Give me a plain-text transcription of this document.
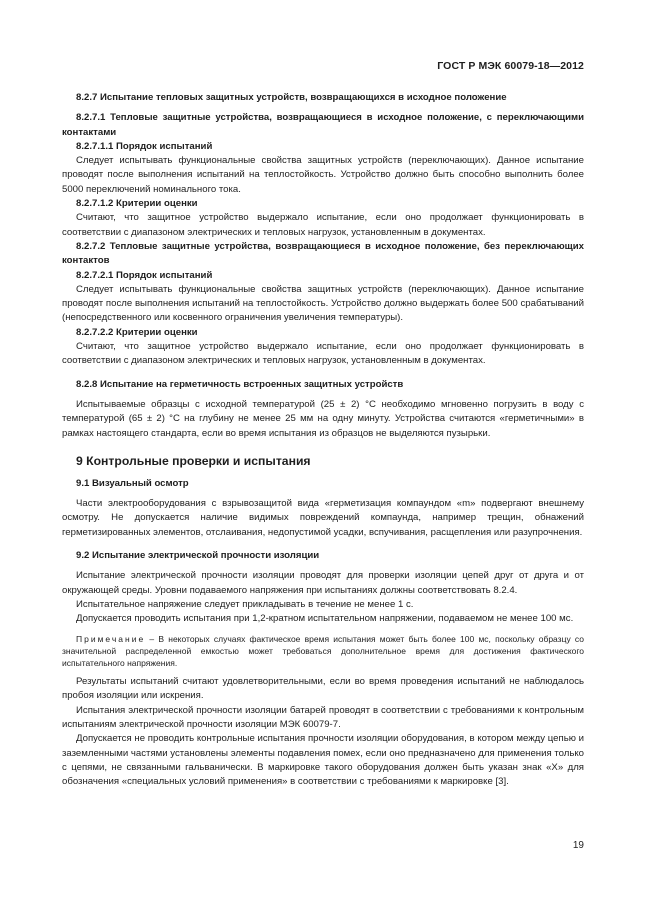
ГОСТ Р МЭК 60079-18—2012

8.2.7 Испытание тепловых защитных устройств, возвращающихся в исходное положение

8.2.7.1 Тепловые защитные устройства, возвращающиеся в исходное положение, с переключающими контактами

8.2.7.1.1 Порядок испытаний

Следует испытывать функциональные свойства защитных устройств (переключающих). Данное испытание проводят после выполнения испытаний на теплостойкость. Устройство должно быть способно выполнить более 5000 переключений номинального тока.

8.2.7.1.2 Критерии оценки

Считают, что защитное устройство выдержало испытание, если оно продолжает функционировать в соответствии с диапазоном электрических и тепловых нагрузок, установленным в документах.

8.2.7.2 Тепловые защитные устройства, возвращающиеся в исходное положение, без переключающих контактов

8.2.7.2.1 Порядок испытаний

Следует испытывать функциональные свойства защитных устройств (переключающих). Данное испытание проводят после выполнения испытаний на теплостойкость. Устройство должно выдержать более 500 срабатываний (непосредственного или косвенного ограничения увеличения температуры).

8.2.7.2.2 Критерии оценки

Считают, что защитное устройство выдержало испытание, если оно продолжает функционировать в соответствии с диапазоном электрических и тепловых нагрузок, установленным в документах.

8.2.8 Испытание на герметичность встроенных защитных устройств

Испытываемые образцы с исходной температурой (25 ± 2) °С необходимо мгновенно погрузить в воду с температурой (65 ± 2) °С на глубину не менее 25 мм на одну минуту. Устройства считаются «герметичными» в рамках настоящего стандарта, если во время испытания из образцов не выделяются пузырьки.

9 Контрольные проверки и испытания

9.1 Визуальный осмотр

Части электрооборудования с взрывозащитой вида «герметизация компаундом «m» подвергают внешнему осмотру. Не допускается наличие видимых повреждений компаунда, например трещин, обнажений герметизированных элементов, отслаивания, недопустимой усадки, вспучивания, расщепления или разупрочнения.

9.2 Испытание электрической прочности изоляции

Испытание электрической прочности изоляции проводят для проверки изоляции цепей друг от друга и от окружающей среды. Уровни подаваемого напряжения при испытаниях должны соответствовать 8.2.4.

Испытательное напряжение следует прикладывать в течение не менее 1 с.

Допускается проводить испытания при 1,2-кратном испытательном напряжении, подаваемом не менее 100 мс.

Примечание – В некоторых случаях фактическое время испытания может быть более 100 мс, поскольку образцу со значительной распределенной емкостью может требоваться дополнительное время для достижения фактического испытательного напряжения.

Результаты испытаний считают удовлетворительными, если во время проведения испытаний не наблюдалось пробоя изоляции или искрения.

Испытания электрической прочности изоляции батарей проводят в соответствии с требованиями к контрольным испытаниям электрической прочности изоляции МЭК 60079-7.

Допускается не проводить контрольные испытания прочности изоляции оборудования, в котором между цепью и заземленными частями установлены элементы подавления помех, если оно предназначено для применения только с цепями, не связанными гальванически. В маркировке такого оборудования должен быть указан знак «X» для обозначения «специальных условий применения» в соответствии с требованиями к маркировке [3].

19
